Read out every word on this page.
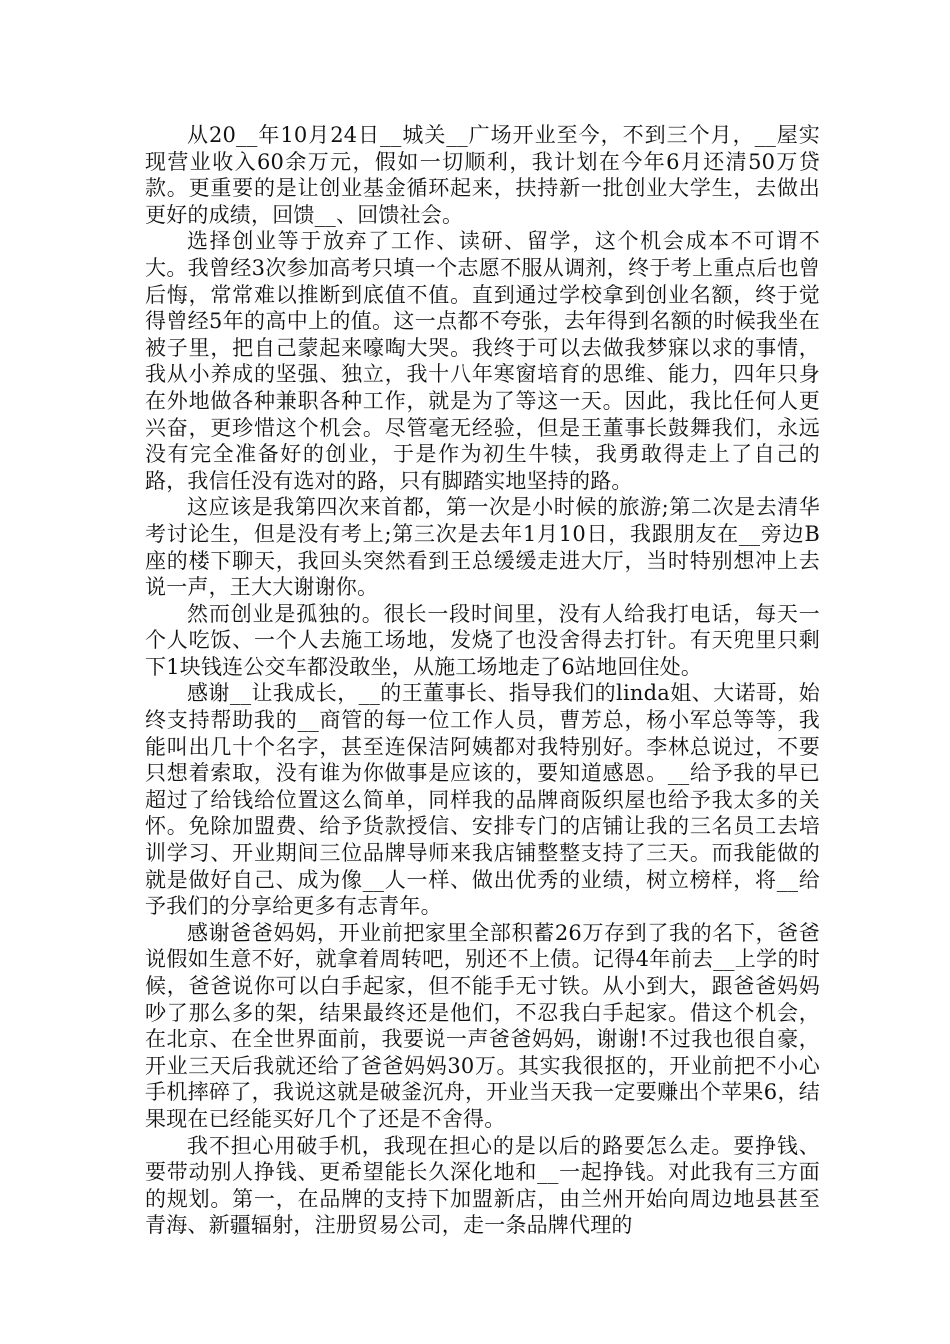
从20__年10月24日__城关__广场开业至今，不到三个月，__屋实现营业收入60余万元，假如一切顺利，我计划在今年6月还清50万贷款。更重要的是让创业基金循环起来，扶持新一批创业大学生，去做出更好的成绩，回馈__、回馈社会。

选择创业等于放弃了工作、读研、留学，这个机会成本不可谓不大。我曾经3次参加高考只填一个志愿不服从调剂，终于考上重点后也曾后悔，常常难以推断到底值不值。直到通过学校拿到创业名额，终于觉得曾经5年的高中上的值。这一点都不夸张，去年得到名额的时候我坐在被子里，把自己蒙起来嚎啕大哭。我终于可以去做我梦寐以求的事情，我从小养成的坚强、独立，我十八年寒窗培育的思维、能力，四年只身在外地做各种兼职各种工作，就是为了等这一天。因此，我比任何人更兴奋，更珍惜这个机会。尽管毫无经验，但是王董事长鼓舞我们，永远没有完全准备好的创业，于是作为初生牛犊，我勇敢得走上了自己的路，我信任没有选对的路，只有脚踏实地坚持的路。

这应该是我第四次来首都，第一次是小时候的旅游;第二次是去清华考讨论生，但是没有考上;第三次是去年1月10日，我跟朋友在__旁边B座的楼下聊天，我回头突然看到王总缓缓走进大厅，当时特别想冲上去说一声，王大大谢谢你。

然而创业是孤独的。很长一段时间里，没有人给我打电话，每天一个人吃饭、一个人去施工场地，发烧了也没舍得去打针。有天兜里只剩下1块钱连公交车都没敢坐，从施工场地走了6站地回住处。

感谢__让我成长，__的王董事长、指导我们的linda姐、大诺哥，始终支持帮助我的__商管的每一位工作人员，曹芳总，杨小军总等等，我能叫出几十个名字，甚至连保洁阿姨都对我特别好。李林总说过，不要只想着索取，没有谁为你做事是应该的，要知道感恩。__给予我的早已超过了给钱给位置这么简单，同样我的品牌商阪织屋也给予我太多的关怀。免除加盟费、给予货款授信、安排专门的店铺让我的三名员工去培训学习、开业期间三位品牌导师来我店铺整整支持了三天。而我能做的就是做好自己、成为像__人一样、做出优秀的业绩，树立榜样，将__给予我们的分享给更多有志青年。

感谢爸爸妈妈，开业前把家里全部积蓄26万存到了我的名下，爸爸说假如生意不好，就拿着周转吧，别还不上债。记得4年前去__上学的时候，爸爸说你可以白手起家，但不能手无寸铁。从小到大，跟爸爸妈妈吵了那么多的架，结果最终还是他们，不忍我白手起家。借这个机会，在北京、在全世界面前，我要说一声爸爸妈妈，谢谢!不过我也很自豪，开业三天后我就还给了爸爸妈妈30万。其实我很抠的，开业前把不小心手机摔碎了，我说这就是破釜沉舟，开业当天我一定要赚出个苹果6，结果现在已经能买好几个了还是不舍得。

我不担心用破手机，我现在担心的是以后的路要怎么走。要挣钱、要带动别人挣钱、更希望能长久深化地和__一起挣钱。对此我有三方面的规划。第一，在品牌的支持下加盟新店，由兰州开始向周边地县甚至青海、新疆辐射，注册贸易公司，走一条品牌代理的
